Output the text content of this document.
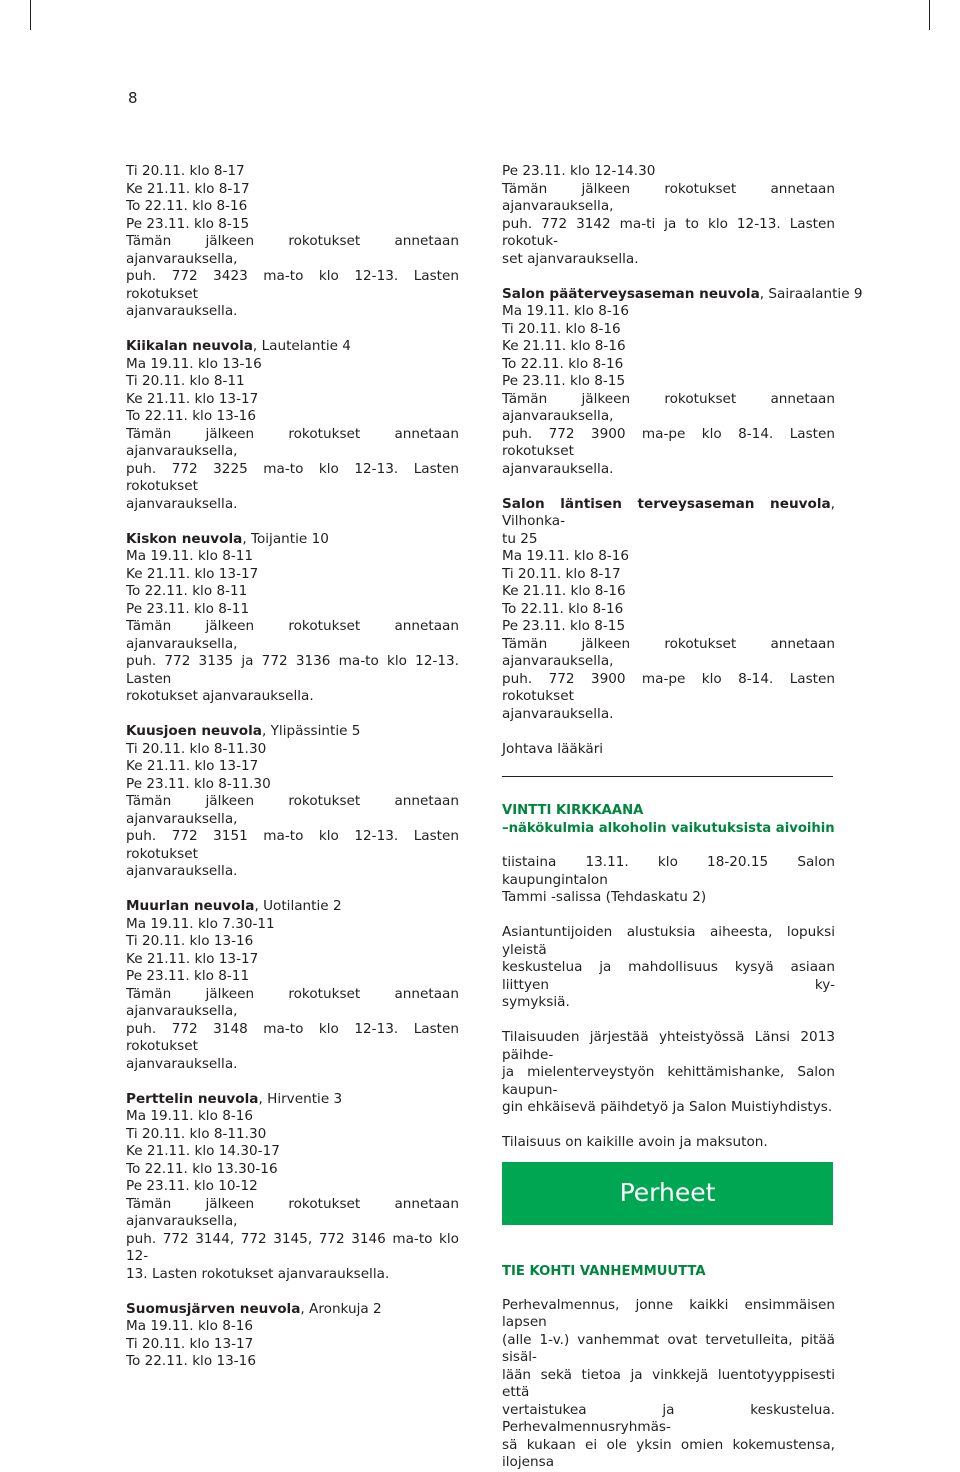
8
Ti 20.11. klo 8-17
Ke 21.11. klo 8-17
To 22.11. klo 8-16
Pe 23.11. klo 8-15
Tämän jälkeen rokotukset annetaan ajanvarauksella,
puh. 772 3423 ma-to klo 12-13. Lasten rokotukset
ajanvarauksella.
Kiikalan neuvola, Lautelantie 4
Ma 19.11. klo 13-16
Ti 20.11. klo 8-11
Ke 21.11. klo 13-17
To 22.11. klo 13-16
Tämän jälkeen rokotukset annetaan ajanvarauksella,
puh. 772 3225 ma-to klo 12-13. Lasten rokotukset
ajanvarauksella.
Kiskon neuvola, Toijantie 10
Ma 19.11. klo 8-11
Ke 21.11. klo 13-17
To 22.11. klo 8-11
Pe 23.11. klo 8-11
Tämän jälkeen rokotukset annetaan ajanvarauksella,
puh. 772 3135 ja 772 3136 ma-to klo 12-13. Lasten
rokotukset ajanvarauksella.
Kuusjoen neuvola, Ylipässintie 5
Ti 20.11. klo 8-11.30
Ke 21.11. klo 13-17
Pe 23.11. klo 8-11.30
Tämän jälkeen rokotukset annetaan ajanvarauksella,
puh. 772 3151 ma-to klo 12-13. Lasten rokotukset
ajanvarauksella.
Muurlan neuvola, Uotilantie 2
Ma 19.11. klo 7.30-11
Ti 20.11. klo 13-16
Ke 21.11. klo 13-17
Pe 23.11. klo 8-11
Tämän jälkeen rokotukset annetaan ajanvarauksella,
puh. 772 3148 ma-to klo 12-13. Lasten rokotukset
ajanvarauksella.
Perttelin neuvola, Hirventie 3
Ma 19.11. klo 8-16
Ti 20.11. klo 8-11.30
Ke 21.11. klo 14.30-17
To 22.11. klo 13.30-16
Pe 23.11. klo 10-12
Tämän jälkeen rokotukset annetaan ajanvarauksella,
puh. 772 3144, 772 3145, 772 3146 ma-to klo 12-
13. Lasten rokotukset ajanvarauksella.
Suomusjärven neuvola, Aronkuja 2
Ma 19.11. klo 8-16
Ti 20.11. klo 13-17
To 22.11. klo 13-16
Pe 23.11. klo 12-14.30
Tämän jälkeen rokotukset annetaan ajanvarauksella,
puh. 772 3142 ma-ti ja to klo 12-13. Lasten rokotuk-
set ajanvarauksella.
Salon pääterveysaseman neuvola, Sairaalantie 9
Ma 19.11. klo 8-16
Ti 20.11. klo 8-16
Ke 21.11. klo 8-16
To 22.11. klo 8-16
Pe 23.11. klo 8-15
Tämän jälkeen rokotukset annetaan ajanvarauksella,
puh. 772 3900 ma-pe klo 8-14. Lasten rokotukset
ajanvarauksella.
Salon läntisen terveysaseman neuvola, Vilhonka-
tu 25
Ma 19.11. klo 8-16
Ti 20.11. klo 8-17
Ke 21.11. klo 8-16
To 22.11. klo 8-16
Pe 23.11. klo 8-15
Tämän jälkeen rokotukset annetaan ajanvarauksella,
puh. 772 3900 ma-pe klo 8-14. Lasten rokotukset
ajanvarauksella.
Johtava lääkäri
VINTTI KIRKKAANA
–näkökulmia alkoholin vaikutuksista aivoihin
tiistaina 13.11. klo 18-20.15 Salon kaupungintalon
Tammi -salissa (Tehdaskatu 2)
Asiantuntijoiden alustuksia aiheesta, lopuksi yleistä
keskustelua ja mahdollisuus kysyä asiaan liittyen ky-
symyksiä.
Tilaisuuden järjestää yhteistyössä Länsi 2013 päihde-
ja mielenterveystyön kehittämishanke, Salon kaupun-
gin ehkäisevä päihdetyö ja Salon Muistiyhdistys.
Tilaisuus on kaikille avoin ja maksuton.
Perheet
TIE KOHTI VANHEMMUUTTA
Perhevalmennus, jonne kaikki ensimmäisen lapsen
(alle 1-v.) vanhemmat ovat tervetulleita, pitää sisäl-
lään sekä tietoa ja vinkkejä luentotyyppisesti että
vertaistukea ja keskustelua. Perhevalmennusryhmäs-
sä kukaan ei ole yksin omien kokemustensa, ilojensa
